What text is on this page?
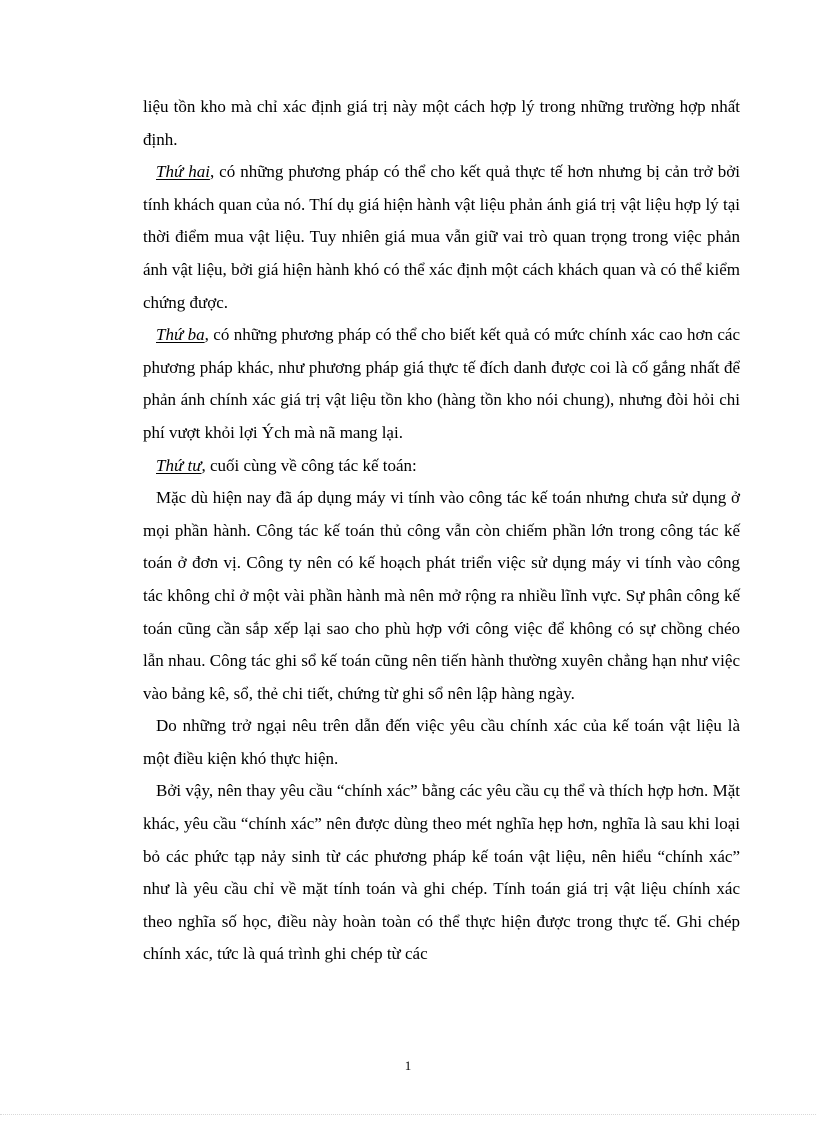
liệu tồn kho mà chỉ xác định giá trị này một cách hợp lý trong những trường hợp nhất định.

Thứ hai, có những phương pháp có thể cho kết quả thực tế hơn nhưng bị cản trở bởi tính khách quan của nó. Thí dụ giá hiện hành vật liệu phản ánh giá trị vật liệu hợp lý tại thời điểm mua vật liệu. Tuy nhiên giá mua vẫn giữ vai trò quan trọng trong việc phản ánh vật liệu, bởi giá hiện hành khó có thể xác định một cách khách quan và có thể kiểm chứng được.

Thứ ba, có những phương pháp có thể cho biết kết quả có mức chính xác cao hơn các phương pháp khác, như phương pháp giá thực tế đích danh được coi là cố gắng nhất để phản ánh chính xác giá trị vật liệu tồn kho (hàng tồn kho nói chung), nhưng đòi hỏi chi phí vượt khỏi lợi Ých mà nã mang lại.

Thứ tư, cuối cùng về công tác kế toán:

Mặc dù hiện nay đã áp dụng máy vi tính vào công tác kế toán nhưng chưa sử dụng ở mọi phần hành. Công tác kế toán thủ công vẫn còn chiếm phần lớn trong công tác kế toán ở đơn vị. Công ty nên có kế hoạch phát triển việc sử dụng máy vi tính vào công tác không chỉ ở một vài phần hành mà nên mở rộng ra nhiều lĩnh vực. Sự phân công kế toán cũng cần sắp xếp lại sao cho phù hợp với công việc để không có sự chồng chéo lẫn nhau. Công tác ghi sổ kế toán cũng nên tiến hành thường xuyên chẳng hạn như việc vào bảng kê, sổ, thẻ chi tiết, chứng từ ghi sổ nên lập hàng ngày.

Do những trở ngại nêu trên dẫn đến việc yêu cầu chính xác của kế toán vật liệu là một điều kiện khó thực hiện.

Bởi vậy, nên thay yêu cầu “chính xác” bằng các yêu cầu cụ thể và thích hợp hơn. Mặt khác, yêu cầu “chính xác” nên được dùng theo mét nghĩa hẹp hơn, nghĩa là sau khi loại bỏ các phức tạp nảy sinh từ các phương pháp kế toán vật liệu, nên hiểu “chính xác” như là yêu cầu chỉ về mặt tính toán và ghi chép. Tính toán giá trị vật liệu chính xác theo nghĩa số học, điều này hoàn toàn có thể thực hiện được trong thực tế. Ghi chép chính xác, tức là quá trình ghi chép từ các

1
